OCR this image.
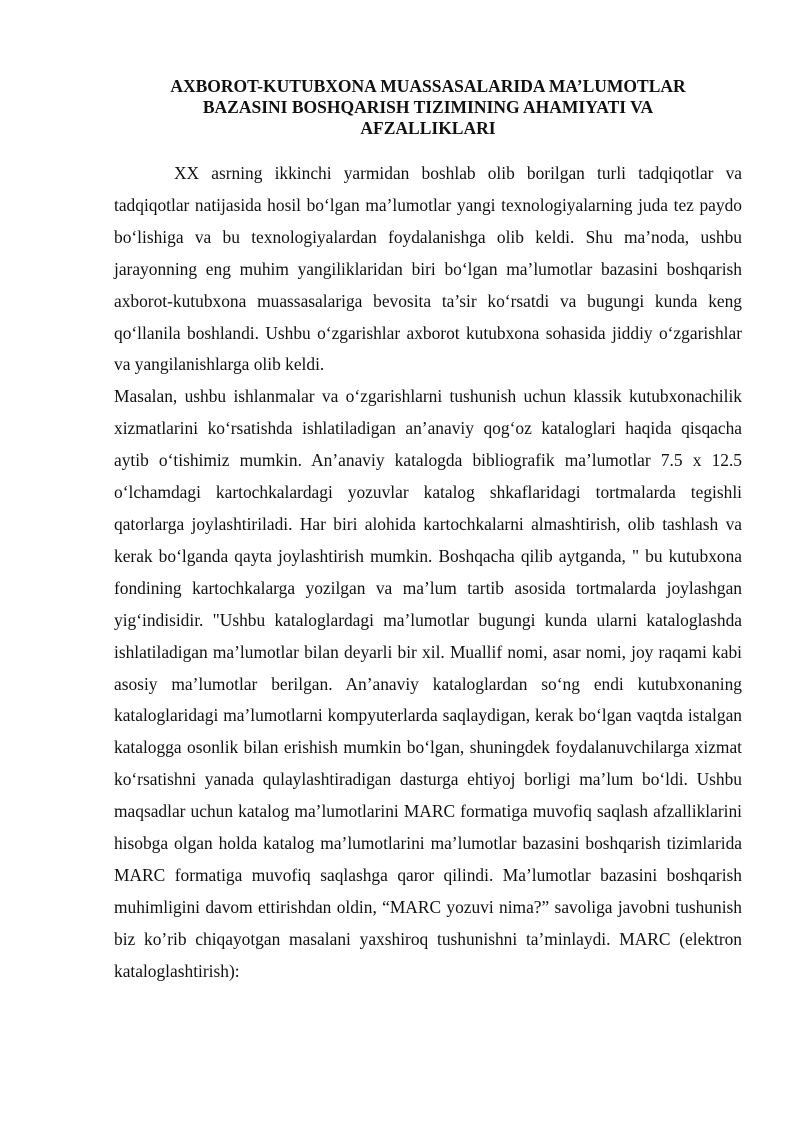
AXBOROT-KUTUBXONA MUASSASALARIDA MA’LUMOTLAR
BAZASINI BOSHQARISH TIZIMINING AHAMIYATI VA
AFZALLIKLARI

XX asrning ikkinchi yarmidan boshlab olib borilgan turli tadqiqotlar va tadqiqotlar natijasida hosil bo‘lgan ma’lumotlar yangi texnologiyalarning juda tez paydo bo‘lishiga va bu texnologiyalardan foydalanishga olib keldi. Shu ma’noda, ushbu jarayonning eng muhim yangiliklaridan biri bo‘lgan ma’lumotlar bazasini boshqarish axborot-kutubxona muassasalariga bevosita ta’sir ko‘rsatdi va bugungi kunda keng qo‘llanila boshlandi. Ushbu o‘zgarishlar axborot kutubxona sohasida jiddiy o‘zgarishlar va yangilanishlarga olib keldi.

Masalan, ushbu ishlanmalar va o‘zgarishlarni tushunish uchun klassik kutubxonachilik xizmatlarini ko‘rsatishda ishlatiladigan an’anaviy qog‘oz kataloglari haqida qisqacha aytib o‘tishimiz mumkin. An’anaviy katalogda bibliografik ma’lumotlar 7.5 x 12.5 o‘lchamdagi kartochkalardagi yozuvlar katalog shkaflaridagi tortmalarda tegishli qatorlarga joylashtiriladi. Har biri alohida kartochkalarni almashtirish, olib tashlash va kerak bo‘lganda qayta joylashtirish mumkin. Boshqacha qilib aytganda, " bu kutubxona fondining kartochkalarga yozilgan va ma’lum tartib asosida tortmalarda joylashgan yig‘indisidir. "Ushbu kataloglardagi ma’lumotlar bugungi kunda ularni kataloglashda ishlatiladigan ma’lumotlar bilan deyarli bir xil. Muallif nomi, asar nomi, joy raqami kabi asosiy ma’lumotlar berilgan. An’anaviy kataloglardan so‘ng endi kutubxonaning kataloglaridagi ma’lumotlarni kompyuterlarda saqlaydigan, kerak bo‘lgan vaqtda istalgan katalogga osonlik bilan erishish mumkin bo‘lgan, shuningdek foydalanuvchilarga xizmat ko‘rsatishni yanada qulaylashtiradigan dasturga ehtiyoj borligi ma’lum bo‘ldi. Ushbu maqsadlar uchun katalog ma’lumotlarini MARC formatiga muvofiq saqlash afzalliklarini hisobga olgan holda katalog ma’lumotlarini ma’lumotlar bazasini boshqarish tizimlarida MARC formatiga muvofiq saqlashga qaror qilindi. Ma’lumotlar bazasini boshqarish muhimligini davom ettirishdan oldin, “MARC yozuvi nima?” savoliga javobni tushunish biz ko’rib chiqayotgan masalani yaxshiroq tushunishni ta’minlaydi. MARC (elektron kataloglashtirish):
